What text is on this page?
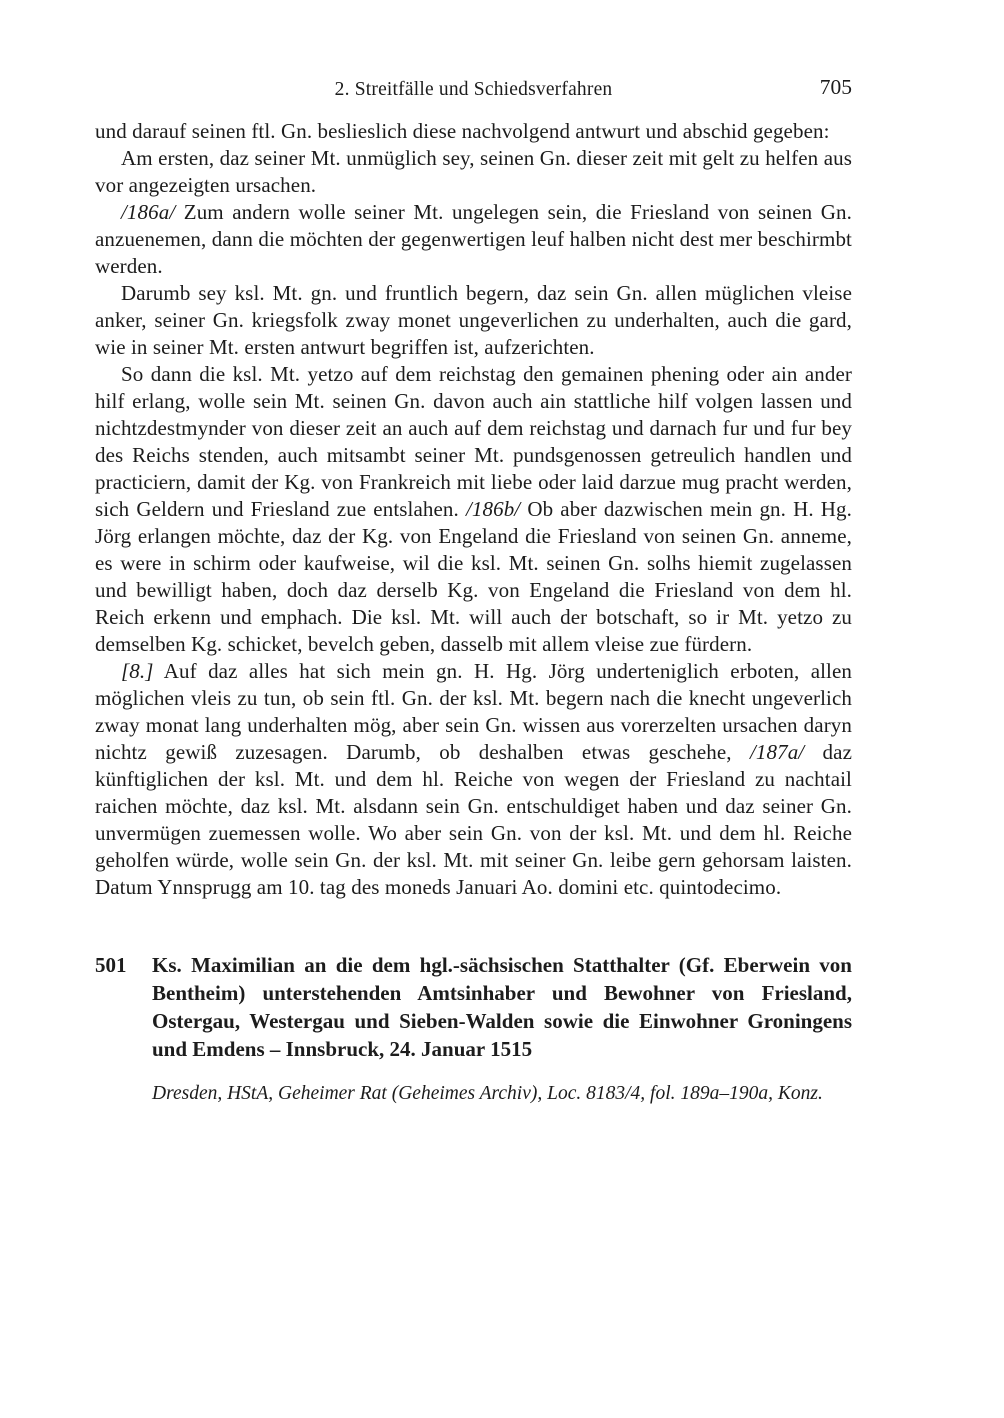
2. Streitfälle und Schiedsverfahren	705

und darauf seinen ftl. Gn. beslieslich diese nachvolgend antwurt und abschid gegeben:

Am ersten, daz seiner Mt. unmüglich sey, seinen Gn. dieser zeit mit gelt zu helfen aus vor angezeigten ursachen.

/186a/ Zum andern wolle seiner Mt. ungelegen sein, die Friesland von seinen Gn. anzuenemen, dann die möchten der gegenwertigen leuf halben nicht dest mer beschirmbt werden.

Darumb sey ksl. Mt. gn. und fruntlich begern, daz sein Gn. allen müglichen vleise anker, seiner Gn. kriegsfolk zway monet ungeverlichen zu underhalten, auch die gard, wie in seiner Mt. ersten antwurt begriffen ist, aufzerichten.

So dann die ksl. Mt. yetzo auf dem reichstag den gemainen phening oder ain ander hilf erlang, wolle sein Mt. seinen Gn. davon auch ain stattliche hilf volgen lassen und nichtzdestmynder von dieser zeit an auch auf dem reichstag und darnach fur und fur bey des Reichs stenden, auch mitsambt seiner Mt. pundsgenossen getreulich handlen und practiciern, damit der Kg. von Frankreich mit liebe oder laid darzue mug pracht werden, sich Geldern und Friesland zue entslahen. /186b/ Ob aber dazwischen mein gn. H. Hg. Jörg erlangen möchte, daz der Kg. von Engeland die Friesland von seinen Gn. anneme, es were in schirm oder kaufweise, wil die ksl. Mt. seinen Gn. solhs hiemit zugelassen und bewilligt haben, doch daz derselb Kg. von Engeland die Friesland von dem hl. Reich erkenn und emphach. Die ksl. Mt. will auch der botschaft, so ir Mt. yetzo zu demselben Kg. schicket, bevelch geben, dasselb mit allem vleise zue fürdern.

[8.] Auf daz alles hat sich mein gn. H. Hg. Jörg underteniglich erboten, allen möglichen vleis zu tun, ob sein ftl. Gn. der ksl. Mt. begern nach die knecht ungeverlich zway monat lang underhalten mög, aber sein Gn. wissen aus vorerzelten ursachen daryn nichtz gewiß zuzesagen. Darumb, ob deshalben etwas geschehe, /187a/ daz künftiglichen der ksl. Mt. und dem hl. Reiche von wegen der Friesland zu nachtail raichen möchte, daz ksl. Mt. alsdann sein Gn. entschuldiget haben und daz seiner Gn. unvermügen zuemessen wolle. Wo aber sein Gn. von der ksl. Mt. und dem hl. Reiche geholfen würde, wolle sein Gn. der ksl. Mt. mit seiner Gn. leibe gern gehorsam laisten. Datum Ynnsprugg am 10. tag des moneds Januari Ao. domini etc. quintodecimo.

501	Ks. Maximilian an die dem hgl.-sächsischen Statthalter (Gf. Eberwein von Bentheim) unterstehenden Amtsinhaber und Bewohner von Friesland, Ostergau, Westergau und Sieben-Walden sowie die Einwohner Groningens und Emdens – Innsbruck, 24. Januar 1515
Dresden, HStA, Geheimer Rat (Geheimes Archiv), Loc. 8183/4, fol. 189a–190a, Konz.
